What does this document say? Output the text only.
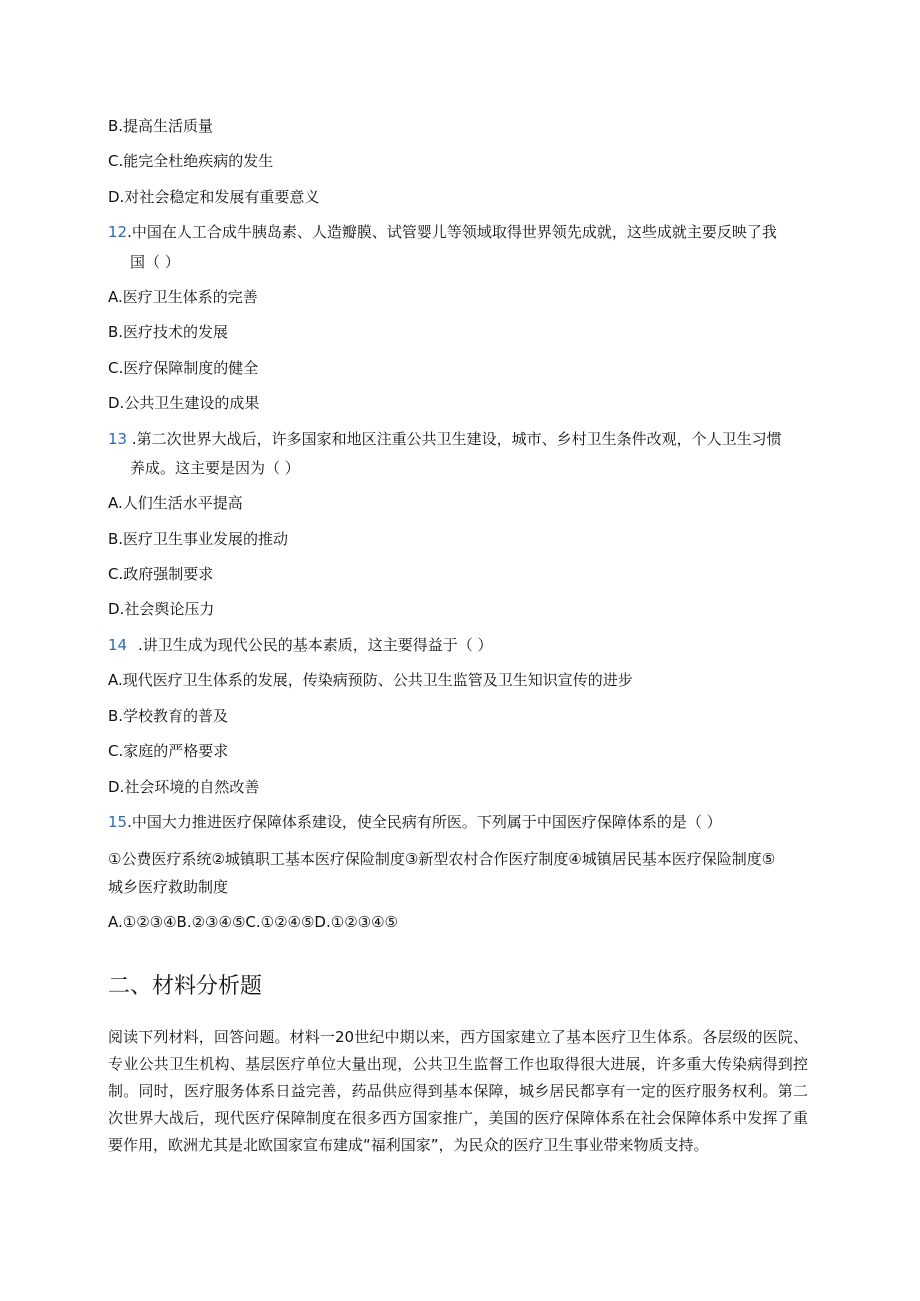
B.提高生活质量
C.能完全杜绝疾病的发生
D.对社会稳定和发展有重要意义
12.中国在人工合成牛胰岛素、人造瓣膜、试管婴儿等领域取得世界领先成就，这些成就主要反映了我
国（ ）
A.医疗卫生体系的完善
B.医疗技术的发展
C.医疗保障制度的健全
D.公共卫生建设的成果
13 .第二次世界大战后，许多国家和地区注重公共卫生建设，城市、乡村卫生条件改观，个人卫生习惯
养成。这主要是因为（ ）
A.人们生活水平提高
B.医疗卫生事业发展的推动
C.政府强制要求
D.社会舆论压力
14 .讲卫生成为现代公民的基本素质，这主要得益于（ ）
A.现代医疗卫生体系的发展，传染病预防、公共卫生监管及卫生知识宣传的进步
B.学校教育的普及
C.家庭的严格要求
D.社会环境的自然改善
15.中国大力推进医疗保障体系建设，使全民病有所医。下列属于中国医疗保障体系的是（ ）
①公费医疗系统②城镇职工基本医疗保险制度③新型农村合作医疗制度④城镇居民基本医疗保险制度⑤
城乡医疗救助制度
A.①②③④B.②③④⑤C.①②④⑤D.①②③④⑤
二、材料分析题
阅读下列材料，回答问题。材料一20世纪中期以来，西方国家建立了基本医疗卫生体系。各层级的医院、专业公共卫生机构、基层医疗单位大量出现，公共卫生监督工作也取得很大进展，许多重大传染病得到控制。同时，医疗服务体系日益完善，药品供应得到基本保障，城乡居民都享有一定的医疗服务权利。第二次世界大战后，现代医疗保障制度在很多西方国家推广，美国的医疗保障体系在社会保障体系中发挥了重要作用，欧洲尤其是北欧国家宣布建成“福利国家”，为民众的医疗卫生事业带来物质支持。
